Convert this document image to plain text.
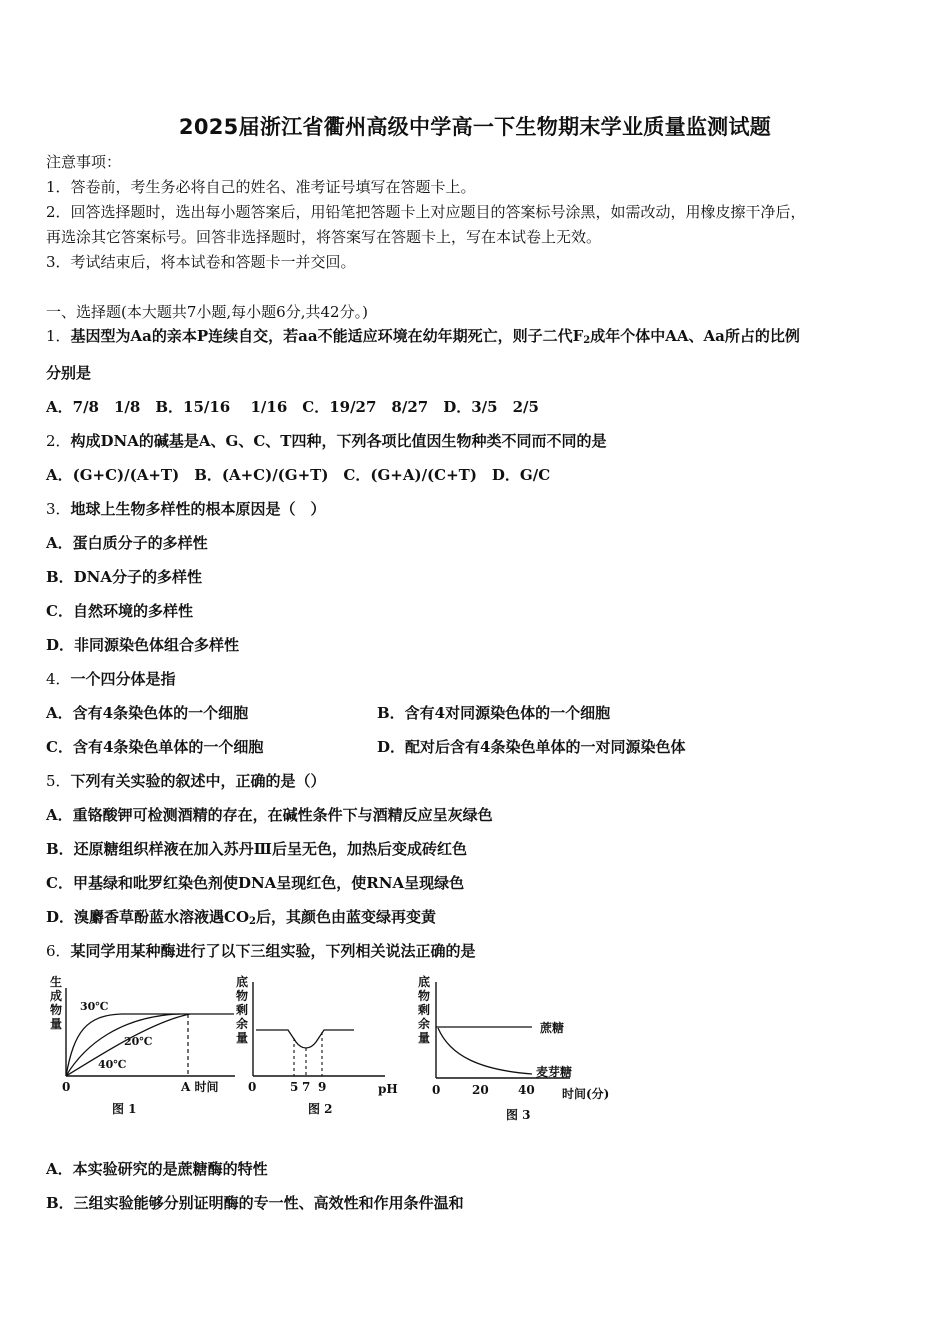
2025届浙江省衢州高级中学高一下生物期末学业质量监测试题
注意事项：
1．答卷前，考生务必将自己的姓名、准考证号填写在答题卡上。
2．回答选择题时，选出每小题答案后，用铅笔把答题卡上对应题目的答案标号涂黑，如需改动，用橡皮擦干净后，
再选涂其它答案标号。回答非选择题时，将答案写在答题卡上，写在本试卷上无效。
3．考试结束后，将本试卷和答题卡一并交回。
一、选择题(本大题共7小题,每小题6分,共42分。)
1．基因型为Aa的亲本P连续自交，若aa不能适应环境在幼年期死亡，则子二代$F_2$成年个体中AA、Aa所占的比例
分别是
A．7/8　1/8　B．15/16　 1/16　C．19/27　8/27　D．3/5　2/5
2．构成DNA的碱基是A、G、C、T四种，下列各项比值因生物种类不同而不同的是
A．(G+C)/(A+T)　B．(A+C)/(G+T)　C．(G+A)/(C+T)　D．G/C
3．地球上生物多样性的根本原因是（　）
A．蛋白质分子的多样性
B．DNA分子的多样性
C．自然环境的多样性
D．非同源染色体组合多样性
4．一个四分体是指
A．含有4条染色体的一个细胞	B．含有4对同源染色体的一个细胞
C．含有4条染色单体的一个细胞	D．配对后含有4条染色单体的一对同源染色体
5．下列有关实验的叙述中，正确的是（）
A．重铬酸钾可检测酒精的存在，在碱性条件下与酒精反应呈灰绿色
B．还原糖组织样液在加入苏丹Ⅲ后呈无色，加热后变成砖红色
C．甲基绿和吡罗红染色剂使DNA呈现红色，使RNA呈现绿色
D．溴麝香草酚蓝水溶液遇$CO_2$后，其颜色由蓝变绿再变黄
6．某同学用某种酶进行了以下三组实验，下列相关说法正确的是
生
成
物
量
30℃
20℃
40℃
0	A 时间
图 1
底
物
剩
余
量
0	5 7 9	pH
图 2
底
物
剩
余
量
蔗糖
麦芽糖
0	20 40 时间(分)
图 3
A．本实验研究的是蔗糖酶的特性
B．三组实验能够分别证明酶的专一性、高效性和作用条件温和
